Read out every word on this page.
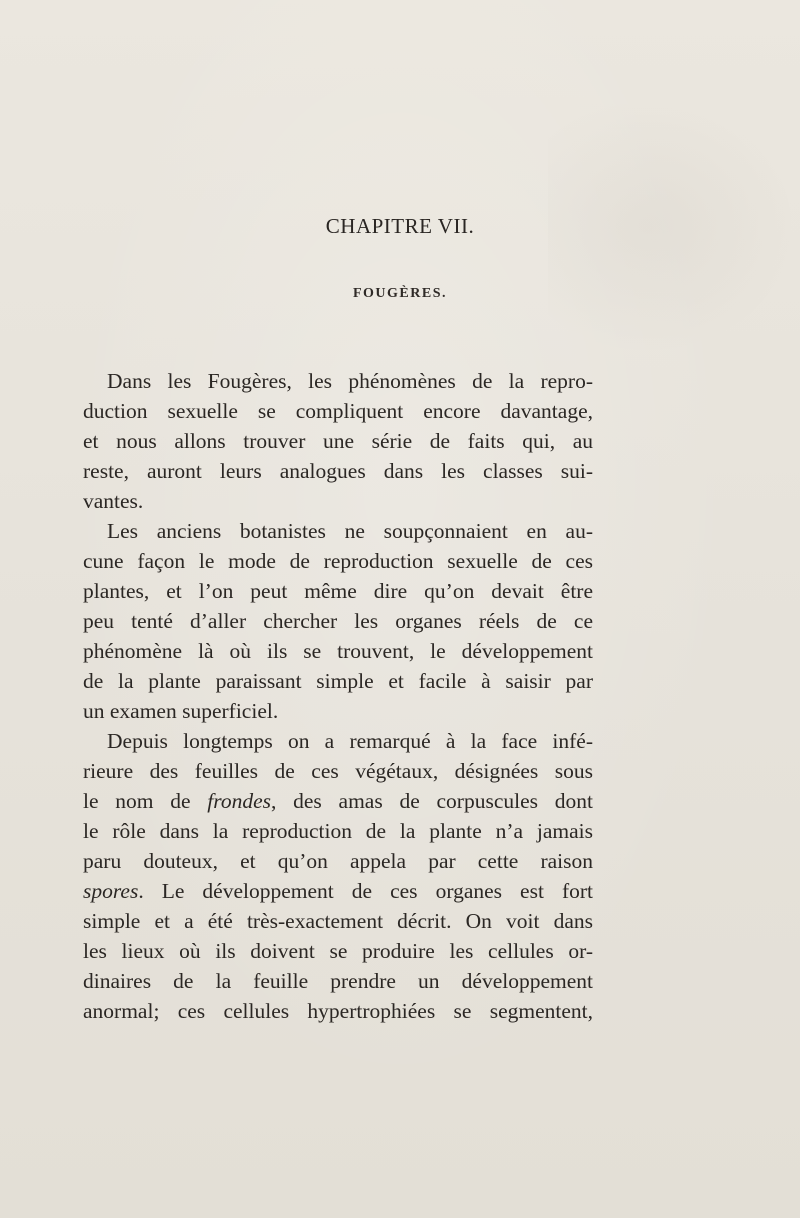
CHAPITRE VII.
FOUGÈRES.
Dans les Fougères, les phénomènes de la repro-
duction sexuelle se compliquent encore davantage,
et nous allons trouver une série de faits qui, au
reste, auront leurs analogues dans les classes sui-
vantes.
Les anciens botanistes ne soupçonnaient en au-
cune façon le mode de reproduction sexuelle de ces
plantes, et l’on peut même dire qu’on devait être
peu tenté d’aller chercher les organes réels de ce
phénomène là où ils se trouvent, le développement
de la plante paraissant simple et facile à saisir par
un examen superficiel.
Depuis longtemps on a remarqué à la face infé-
rieure des feuilles de ces végétaux, désignées sous
le nom de frondes, des amas de corpuscules dont
le rôle dans la reproduction de la plante n’a jamais
paru douteux, et qu’on appela par cette raison
spores. Le développement de ces organes est fort
simple et a été très-exactement décrit. On voit dans
les lieux où ils doivent se produire les cellules or-
dinaires de la feuille prendre un développement
anormal; ces cellules hypertrophiées se segmentent,
